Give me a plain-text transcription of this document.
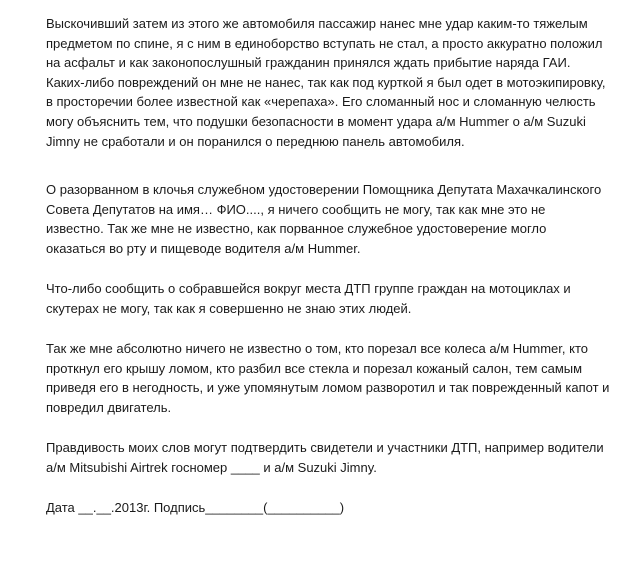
Выскочивший затем из этого же автомобиля пассажир нанес мне удар каким-то тяжелым
предметом по спине, я с ним в единоборство вступать не стал, а просто аккуратно положил
на асфальт и как законопослушный гражданин принялся ждать прибытие наряда ГАИ.
Каких-либо повреждений он мне не нанес, так как под курткой я был одет в мотоэкипировку,
в просторечии более известной как «черепаха». Его сломанный нос и сломанную челюсть
могу объяснить тем, что подушки безопасности в момент удара а/м Hummer о а/м Suzuki
Jimny не сработали и он поранился о переднюю панель автомобиля.

О разорванном в клочья служебном удостоверении Помощника Депутата Махачкалинского
Совета Депутатов на имя… ФИО...., я ничего сообщить не могу, так как мне это не
известно. Так же мне не известно, как порванное служебное удостоверение могло
оказаться во рту и пищеводе водителя а/м Hummer.

Что-либо сообщить о собравшейся вокруг места ДТП группе граждан на мотоциклах и
скутерах не могу, так как я совершенно не знаю этих людей.

Так же мне абсолютно ничего не известно о том, кто порезал все колеса а/м Hummer, кто
проткнул его крышу ломом, кто разбил все стекла и порезал кожаный салон, тем самым
приведя его в негодность, и уже упомянутым ломом разворотил и так поврежденный капот и
повредил двигатель.

Правдивость моих слов могут подтвердить свидетели и участники ДТП, например водители
а/м Mitsubishi Airtrek госномер ____ и а/м Suzuki Jimny.

Дата __.__.2013г. Подпись________(__________)
